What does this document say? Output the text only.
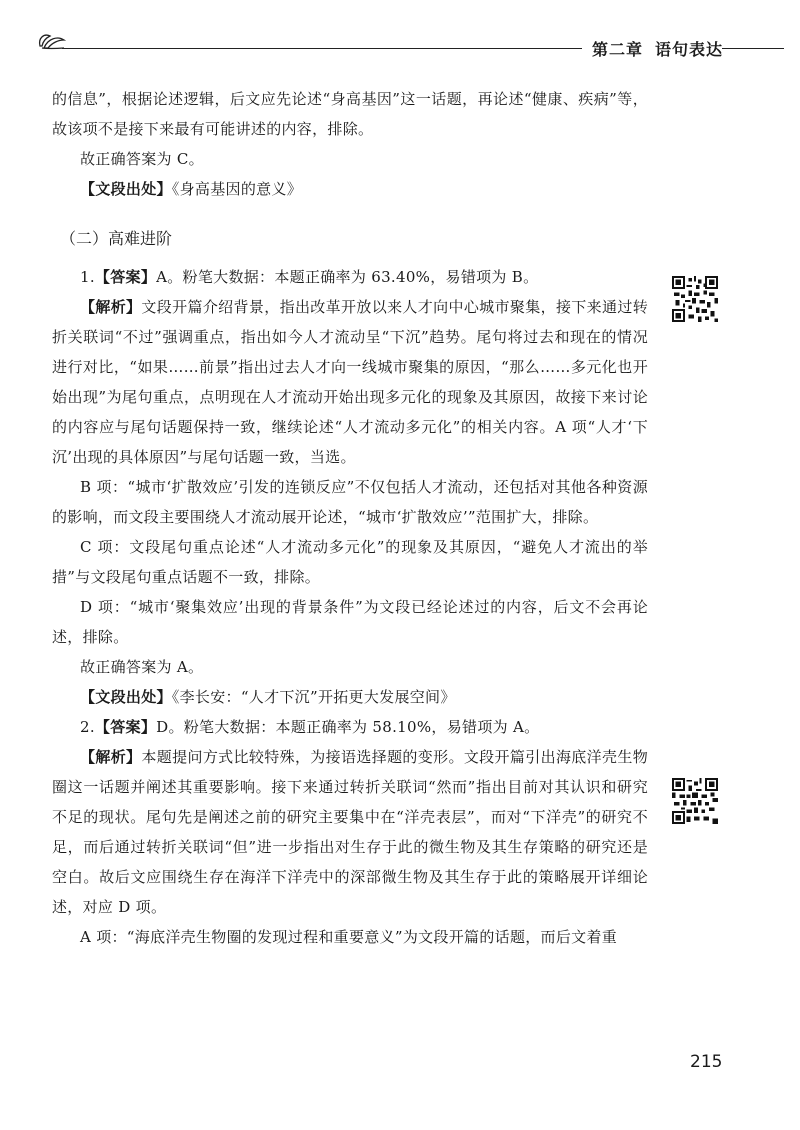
第二章 语句表达

的信息”，根据论述逻辑，后文应先论述“身高基因”这一话题，再论述“健康、疾病”等，故该项不是接下来最有可能讲述的内容，排除。

故正确答案为 C。

【文段出处】《身高基因的意义》

（二）高难进阶

1.【答案】A。粉笔大数据：本题正确率为 63.40%，易错项为 B。

【解析】文段开篇介绍背景，指出改革开放以来人才向中心城市聚集，接下来通过转折关联词“不过”强调重点，指出如今人才流动呈“下沉”趋势。尾句将过去和现在的情况进行对比，“如果……前景”指出过去人才向一线城市聚集的原因，“那么……多元化也开始出现”为尾句重点，点明现在人才流动开始出现多元化的现象及其原因，故接下来讨论的内容应与尾句话题保持一致，继续论述“人才流动多元化”的相关内容。A 项“人才‘下沉’出现的具体原因”与尾句话题一致，当选。

B 项：“城市‘扩散效应’引发的连锁反应”不仅包括人才流动，还包括对其他各种资源的影响，而文段主要围绕人才流动展开论述，“城市‘扩散效应’”范围扩大，排除。

C 项：文段尾句重点论述“人才流动多元化”的现象及其原因，“避免人才流出的举措”与文段尾句重点话题不一致，排除。

D 项：“城市‘聚集效应’出现的背景条件”为文段已经论述过的内容，后文不会再论述，排除。

故正确答案为 A。

【文段出处】《李长安：“人才下沉”开拓更大发展空间》

2.【答案】D。粉笔大数据：本题正确率为 58.10%，易错项为 A。

【解析】本题提问方式比较特殊，为接语选择题的变形。文段开篇引出海底洋壳生物圈这一话题并阐述其重要影响。接下来通过转折关联词“然而”指出目前对其认识和研究不足的现状。尾句先是阐述之前的研究主要集中在“洋壳表层”，而对“下洋壳”的研究不足，而后通过转折关联词“但”进一步指出对生存于此的微生物及其生存策略的研究还是空白。故后文应围绕生存在海洋下洋壳中的深部微生物及其生存于此的策略展开详细论述，对应 D 项。

A 项：“海底洋壳生物圈的发现过程和重要意义”为文段开篇的话题，而后文着重

215
